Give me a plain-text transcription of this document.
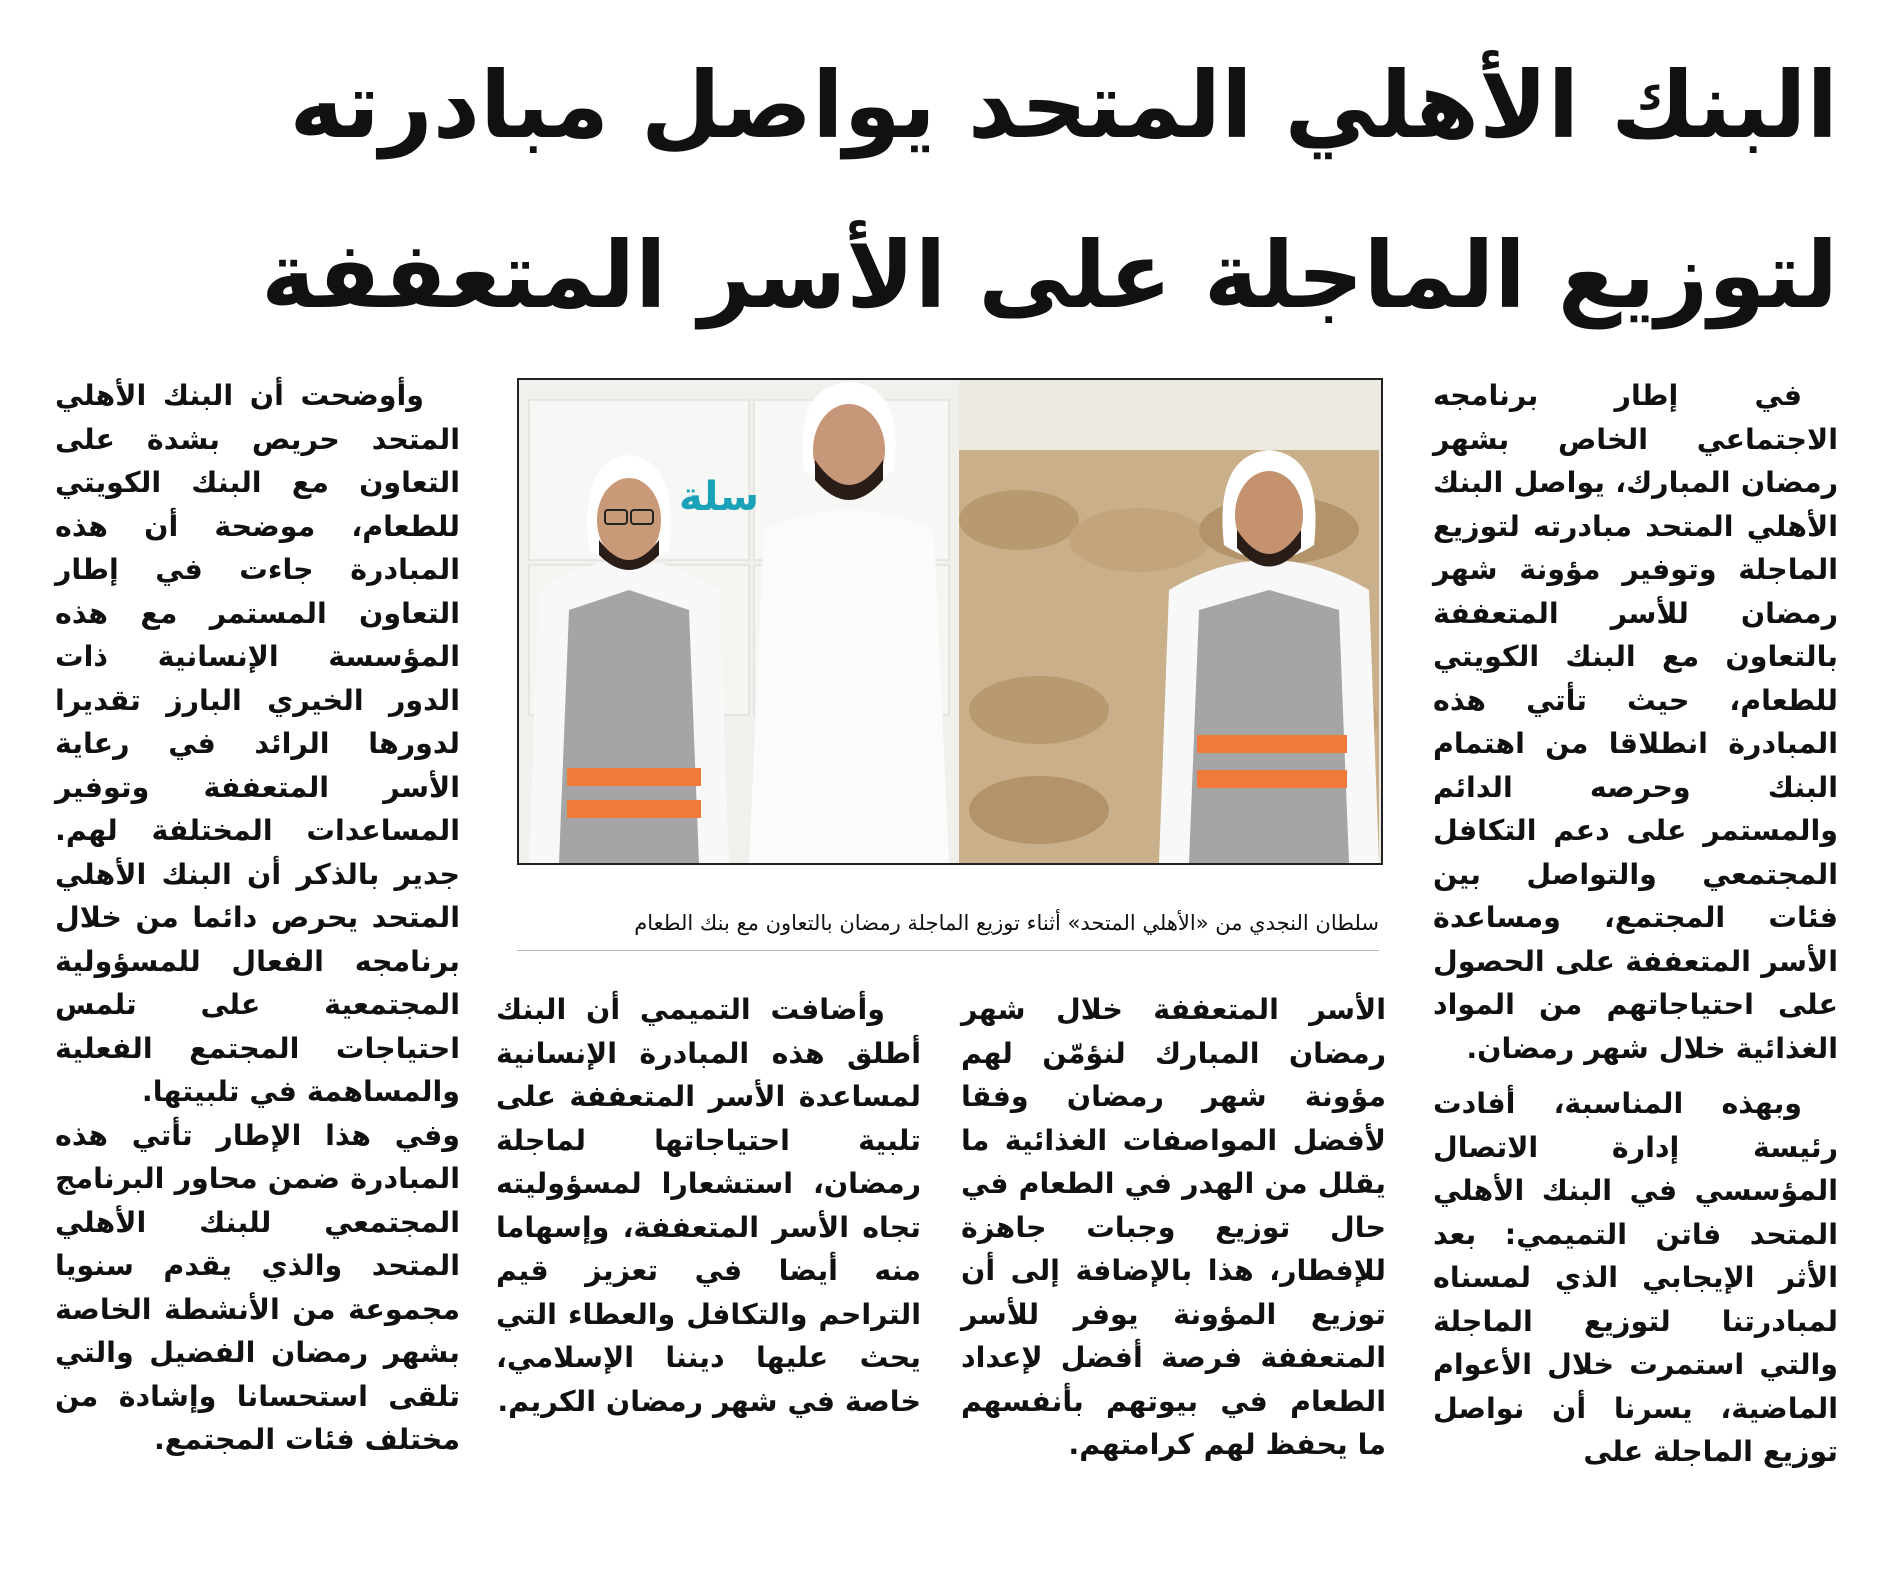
البنك الأهلي المتحد يواصل مبادرته
لتوزيع الماجلة على الأسر المتعففة

في إطار برنامجه الاجتماعي الخاص بشهر رمضان المبارك، يواصل البنك الأهلي المتحد مبادرته لتوزيع الماجلة وتوفير مؤونة شهر رمضان للأسر المتعففة بالتعاون مع البنك الكويتي للطعام، حيث تأتي هذه المبادرة انطلاقا من اهتمام البنك وحرصه الدائم والمستمر على دعم التكافل المجتمعي والتواصل بين فئات المجتمع، ومساعدة الأسر المتعففة على الحصول على احتياجاتهم من المواد الغذائية خلال شهر رمضان.

وبهذه المناسبة، أفادت رئيسة إدارة الاتصال المؤسسي في البنك الأهلي المتحد فاتن التميمي: بعد الأثر الإيجابي الذي لمسناه لمبادرتنا لتوزيع الماجلة والتي استمرت خلال الأعوام الماضية، يسرنا أن نواصل توزيع الماجلة على

سلة

سلطان النجدي من «الأهلي المتحد» أثناء توزيع الماجلة رمضان بالتعاون مع بنك الطعام

الأسر المتعففة خلال شهر رمضان المبارك لنؤمّن لهم مؤونة شهر رمضان وفقا لأفضل المواصفات الغذائية ما يقلل من الهدر في الطعام في حال توزيع وجبات جاهزة للإفطار، هذا بالإضافة إلى أن توزيع المؤونة يوفر للأسر المتعففة فرصة أفضل لإعداد الطعام في بيوتهم بأنفسهم ما يحفظ لهم كرامتهم.

وأضافت التميمي أن البنك أطلق هذه المبادرة الإنسانية لمساعدة الأسر المتعففة على تلبية احتياجاتها لماجلة رمضان، استشعارا لمسؤوليته تجاه الأسر المتعففة، وإسهاما منه أيضا في تعزيز قيم التراحم والتكافل والعطاء التي يحث عليها ديننا الإسلامي، خاصة في شهر رمضان الكريم.

وأوضحت أن البنك الأهلي المتحد حريص بشدة على التعاون مع البنك الكويتي للطعام، موضحة أن هذه المبادرة جاءت في إطار التعاون المستمر مع هذه المؤسسة الإنسانية ذات الدور الخيري البارز تقديرا لدورها الرائد في رعاية الأسر المتعففة وتوفير المساعدات المختلفة لهم. جدير بالذكر أن البنك الأهلي المتحد يحرص دائما من خلال برنامجه الفعال للمسؤولية المجتمعية على تلمس احتياجات المجتمع الفعلية والمساهمة في تلبيتها.

وفي هذا الإطار تأتي هذه المبادرة ضمن محاور البرنامج المجتمعي للبنك الأهلي المتحد والذي يقدم سنويا مجموعة من الأنشطة الخاصة بشهر رمضان الفضيل والتي تلقى استحسانا وإشادة من مختلف فئات المجتمع.
